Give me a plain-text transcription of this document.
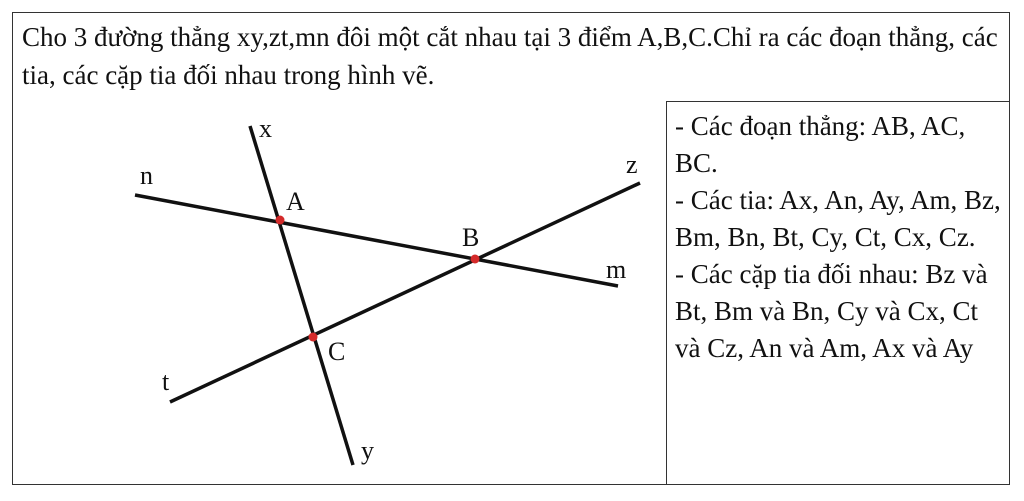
Cho 3 đường thẳng xy,zt,mn đôi một cắt nhau tại 3 điểm A,B,C.Chỉ ra các đoạn thẳng, các tia, các cặp tia đối nhau trong hình vẽ.
x
y
z
t
m
n
A
B
C

- Các đoạn thẳng: AB, AC, BC.

- Các tia: Ax, An, Ay, Am, Bz, Bm, Bn, Bt, Cy, Ct, Cx, Cz.

- Các cặp tia đối nhau: Bz và Bt, Bm và Bn, Cy và Cx, Ct và Cz, An và Am, Ax và Ay
